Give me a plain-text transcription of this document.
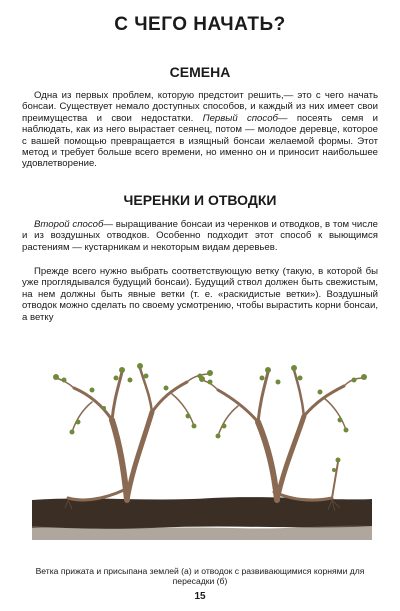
С ЧЕГО НАЧАТЬ?
СЕМЕНА

Одна из первых проблем, которую предстоит решить,— это с чего начать бонсаи. Существует немало доступных способов, и каждый из них имеет свои преимущества и свои недостатки. Первый способ— посеять семя и наблюдать, как из него вырастает сеянец, потом — молодое деревце, которое с вашей помощью превращается в изящный бонсаи желаемой формы. Этот метод и требует больше всего времени, но именно он и приносит наибольшее удовлетворение.

ЧЕРЕНКИ И ОТВОДКИ

Второй способ— выращивание бонсаи из черенков и отводков, в том числе и из воздушных отводков. Особенно подходит этот способ к выющимся растениям — кустарникам и некоторым видам деревьев.

Прежде всего нужно выбрать соответствующую ветку (такую, в которой бы уже проглядывался будущий бонсаи). Будущий ствол должен быть свежистым, на нем должны быть явные ветки (т. е. «раскидистые ветки»). Воздушный отводок можно сделать по своему усмотрению, чтобы вырастить корни бонсаи, а ветку

Ветка прижата и присыпана землей (а) и отводок с развивающимися корнями для пересадки (б)
15
